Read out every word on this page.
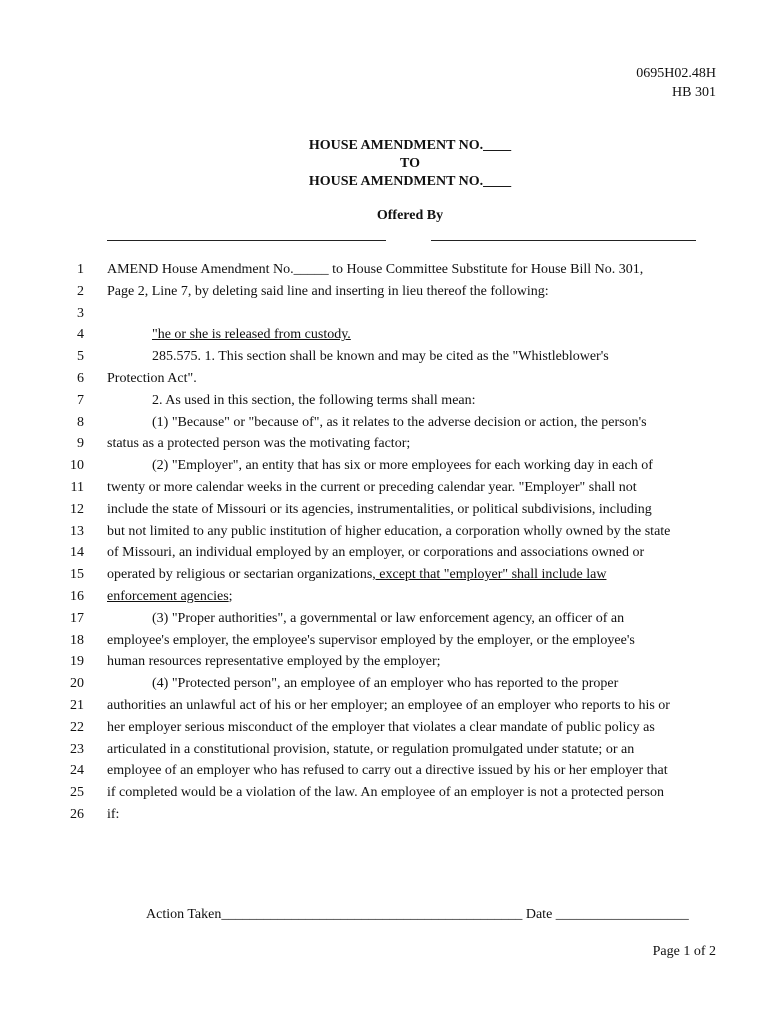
0695H02.48H
HB 301
HOUSE AMENDMENT NO.____
TO
HOUSE AMENDMENT NO.____
Offered By
1 AMEND House Amendment No._____ to House Committee Substitute for House Bill No. 301,
2 Page 2, Line 7, by deleting said line and inserting in lieu thereof the following:
3
4	"he or she is released from custody.
5	285.575. 1. This section shall be known and may be cited as the "Whistleblower's
6 Protection Act".
7	2. As used in this section, the following terms shall mean:
8	(1) "Because" or "because of", as it relates to the adverse decision or action, the person's
9 status as a protected person was the motivating factor;
10	(2) "Employer", an entity that has six or more employees for each working day in each of
11 twenty or more calendar weeks in the current or preceding calendar year. "Employer" shall not
12 include the state of Missouri or its agencies, instrumentalities, or political subdivisions, including
13 but not limited to any public institution of higher education, a corporation wholly owned by the state
14 of Missouri, an individual employed by an employer, or corporations and associations owned or
15 operated by religious or sectarian organizations, except that "employer" shall include law
16 enforcement agencies;
17	(3) "Proper authorities", a governmental or law enforcement agency, an officer of an
18 employee's employer, the employee's supervisor employed by the employer, or the employee's
19 human resources representative employed by the employer;
20	(4) "Protected person", an employee of an employer who has reported to the proper
21 authorities an unlawful act of his or her employer; an employee of an employer who reports to his or
22 her employer serious misconduct of the employer that violates a clear mandate of public policy as
23 articulated in a constitutional provision, statute, or regulation promulgated under statute; or an
24 employee of an employer who has refused to carry out a directive issued by his or her employer that
25 if completed would be a violation of the law. An employee of an employer is not a protected person
26 if:
Action Taken___________________________________________ Date ___________________
Page 1 of 2
